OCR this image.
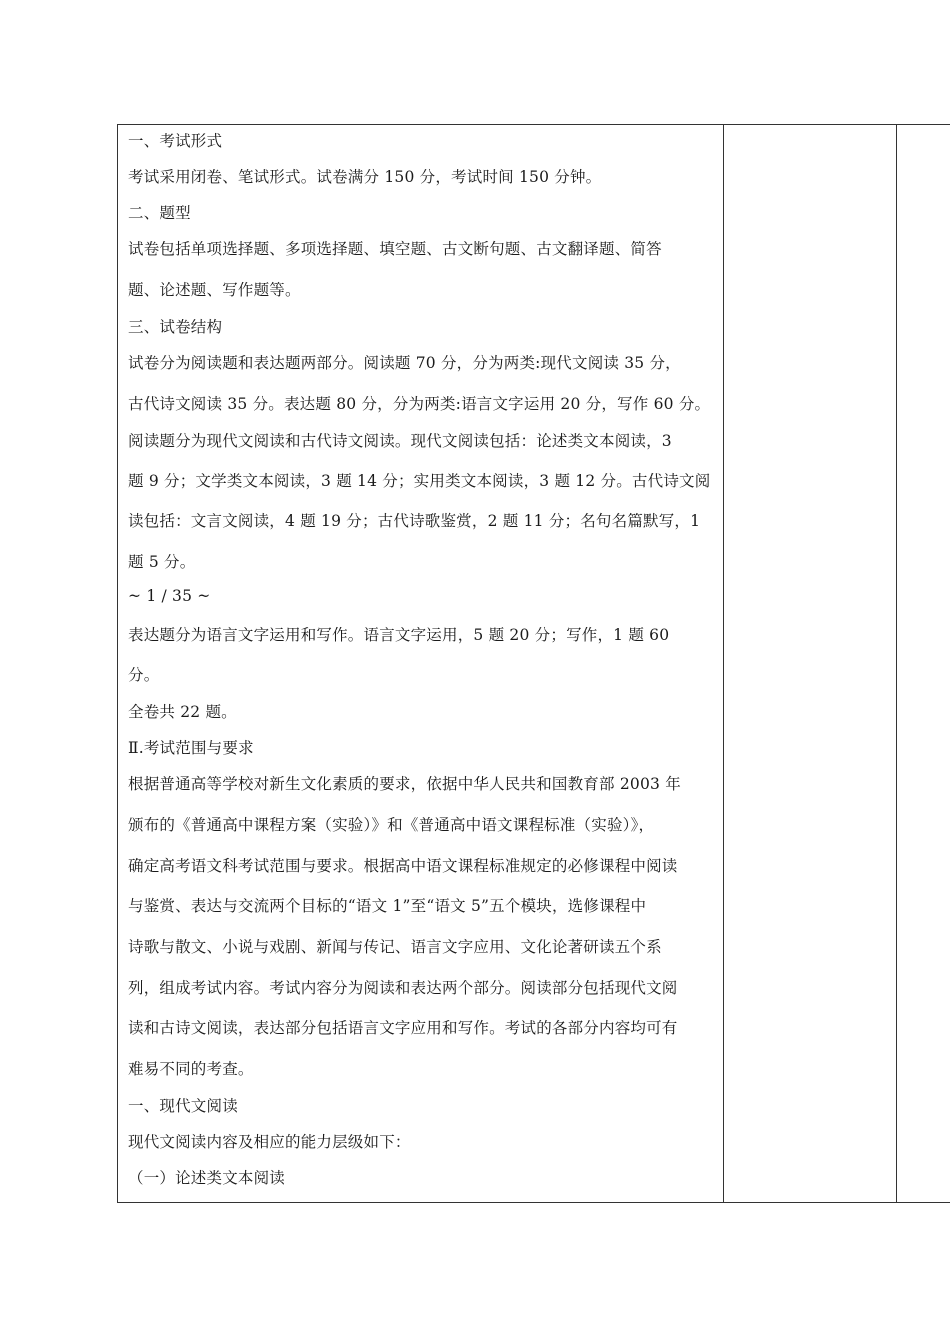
一、考试形式
考试采用闭卷、笔试形式。试卷满分 150 分，考试时间 150 分钟。
二、题型
试卷包括单项选择题、多项选择题、填空题、古文断句题、古文翻译题、简答
题、论述题、写作题等。
三、试卷结构
试卷分为阅读题和表达题两部分。阅读题 70 分，分为两类:现代文阅读 35 分，
古代诗文阅读 35 分。表达题 80 分，分为两类:语言文字运用 20 分，写作 60 分。
阅读题分为现代文阅读和古代诗文阅读。现代文阅读包括：论述类文本阅读，3
题 9 分；文学类文本阅读，3 题 14 分；实用类文本阅读，3 题 12 分。古代诗文阅
读包括：文言文阅读，4 题 19 分；古代诗歌鉴赏，2 题 11 分；名句名篇默写，1
题 5 分。
~ 1 / 35 ~
表达题分为语言文字运用和写作。语言文字运用，5 题 20 分；写作，1 题 60
分。
全卷共 22 题。
Ⅱ.考试范围与要求
根据普通高等学校对新生文化素质的要求，依据中华人民共和国教育部 2003 年
颁布的《普通高中课程方案（实验）》和《普通高中语文课程标准（实验）》，
确定高考语文科考试范围与要求。根据高中语文课程标准规定的必修课程中阅读
与鉴赏、表达与交流两个目标的“语文 1”至“语文 5”五个模块，选修课程中
诗歌与散文、小说与戏剧、新闻与传记、语言文字应用、文化论著研读五个系
列，组成考试内容。考试内容分为阅读和表达两个部分。阅读部分包括现代文阅
读和古诗文阅读，表达部分包括语言文字应用和写作。考试的各部分内容均可有
难易不同的考查。
一、现代文阅读
现代文阅读内容及相应的能力层级如下：
（一）论述类文本阅读
